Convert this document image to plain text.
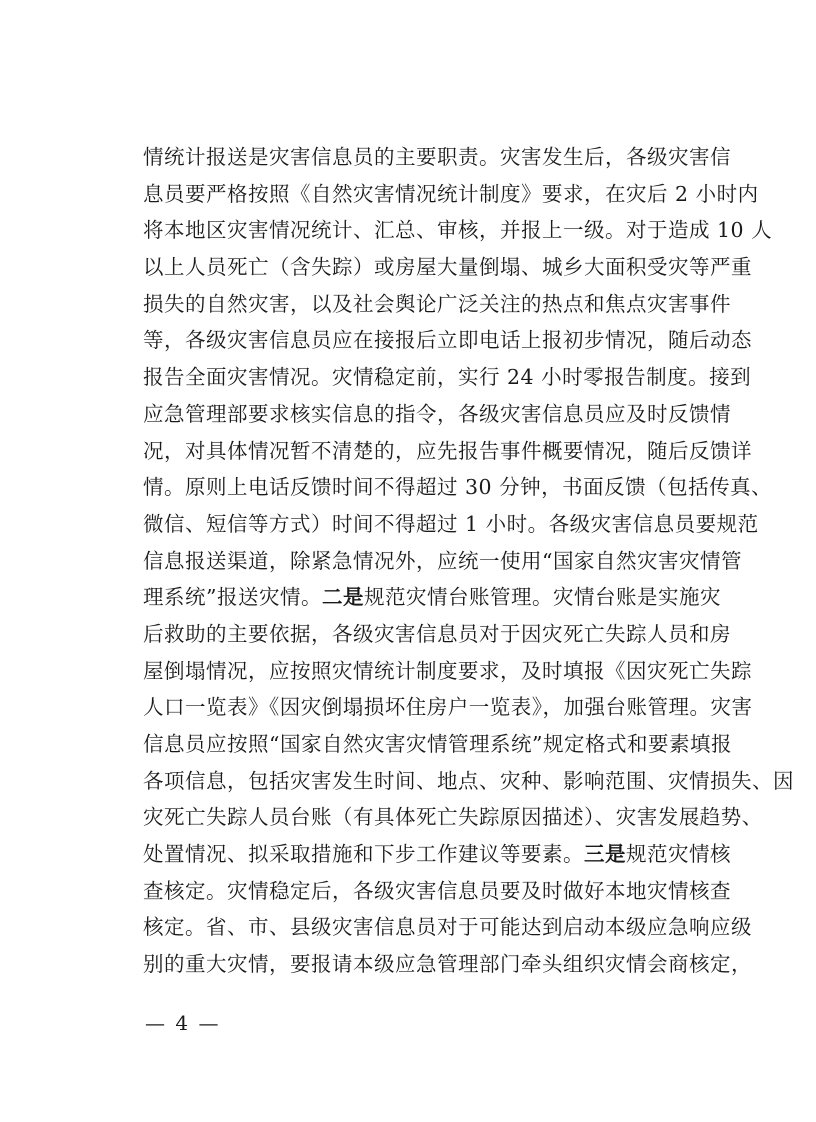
情统计报送是灾害信息员的主要职责。灾害发生后，各级灾害信
息员要严格按照《自然灾害情况统计制度》要求，在灾后 2 小时内
将本地区灾害情况统计、汇总、审核，并报上一级。对于造成 10 人
以上人员死亡（含失踪）或房屋大量倒塌、城乡大面积受灾等严重
损失的自然灾害，以及社会舆论广泛关注的热点和焦点灾害事件
等，各级灾害信息员应在接报后立即电话上报初步情况，随后动态
报告全面灾害情况。灾情稳定前，实行 24 小时零报告制度。接到
应急管理部要求核实信息的指令，各级灾害信息员应及时反馈情
况，对具体情况暂不清楚的，应先报告事件概要情况，随后反馈详
情。原则上电话反馈时间不得超过 30 分钟，书面反馈（包括传真、
微信、短信等方式）时间不得超过 1 小时。各级灾害信息员要规范
信息报送渠道，除紧急情况外，应统一使用“国家自然灾害灾情管
理系统”报送灾情。二是规范灾情台账管理。灾情台账是实施灾
后救助的主要依据，各级灾害信息员对于因灾死亡失踪人员和房
屋倒塌情况，应按照灾情统计制度要求，及时填报《因灾死亡失踪
人口一览表》《因灾倒塌损坏住房户一览表》，加强台账管理。灾害
信息员应按照“国家自然灾害灾情管理系统”规定格式和要素填报
各项信息，包括灾害发生时间、地点、灾种、影响范围、灾情损失、因
灾死亡失踪人员台账（有具体死亡失踪原因描述）、灾害发展趋势、
处置情况、拟采取措施和下步工作建议等要素。三是规范灾情核
查核定。灾情稳定后，各级灾害信息员要及时做好本地灾情核查
核定。省、市、县级灾害信息员对于可能达到启动本级应急响应级
别的重大灾情，要报请本级应急管理部门牵头组织灾情会商核定，
— 4 —
